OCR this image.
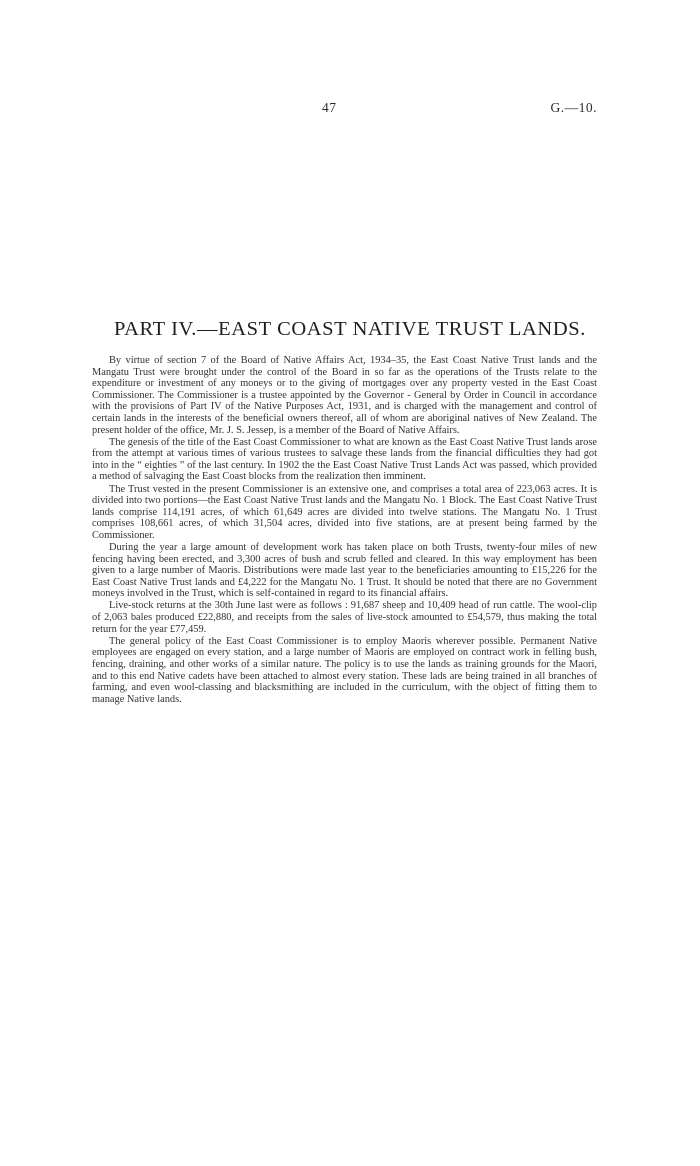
47	G.—10.
PART IV.—EAST COAST NATIVE TRUST LANDS.

By virtue of section 7 of the Board of Native Affairs Act, 1934–35, the East Coast Native Trust lands and the Mangatu Trust were brought under the control of the Board in so far as the operations of the Trusts relate to the expenditure or investment of any moneys or to the giving of mortgages over any property vested in the East Coast Commissioner. The Commissioner is a trustee appointed by the Governor - General by Order in Council in accordance with the provisions of Part IV of the Native Purposes Act, 1931, and is charged with the management and control of certain lands in the interests of the beneficial owners thereof, all of whom are aboriginal natives of New Zealand. The present holder of the office, Mr. J. S. Jessep, is a member of the Board of Native Affairs.

The genesis of the title of the East Coast Commissioner to what are known as the East Coast Native Trust lands arose from the attempt at various times of various trustees to salvage these lands from the financial difficulties they had got into in the “ eighties ” of the last century. In 1902 the the East Coast Native Trust Lands Act was passed, which provided a method of salvaging the East Coast blocks from the realization then imminent.

The Trust vested in the present Commissioner is an extensive one, and comprises a total area of 223,063 acres. It is divided into two portions—the East Coast Native Trust lands and the Mangatu No. 1 Block. The East Coast Native Trust lands comprise 114,191 acres, of which 61,649 acres are divided into twelve stations. The Mangatu No. 1 Trust comprises 108,661 acres, of which 31,504 acres, divided into five stations, are at present being farmed by the Commissioner.

During the year a large amount of development work has taken place on both Trusts, twenty-four miles of new fencing having been erected, and 3,300 acres of bush and scrub felled and cleared. In this way employment has been given to a large number of Maoris. Distributions were made last year to the beneficiaries amounting to £15,226 for the East Coast Native Trust lands and £4,222 for the Mangatu No. 1 Trust. It should be noted that there are no Government moneys involved in the Trust, which is self-contained in regard to its financial affairs.

Live-stock returns at the 30th June last were as follows : 91,687 sheep and 10,409 head of run cattle. The wool-clip of 2,063 bales produced £22,880, and receipts from the sales of live-stock amounted to £54,579, thus making the total return for the year £77,459.

The general policy of the East Coast Commissioner is to employ Maoris wherever possible. Permanent Native employees are engaged on every station, and a large number of Maoris are employed on contract work in felling bush, fencing, draining, and other works of a similar nature. The policy is to use the lands as training grounds for the Maori, and to this end Native cadets have been attached to almost every station. These lads are being trained in all branches of farming, and even wool-classing and blacksmithing are included in the curriculum, with the object of fitting them to manage Native lands.
